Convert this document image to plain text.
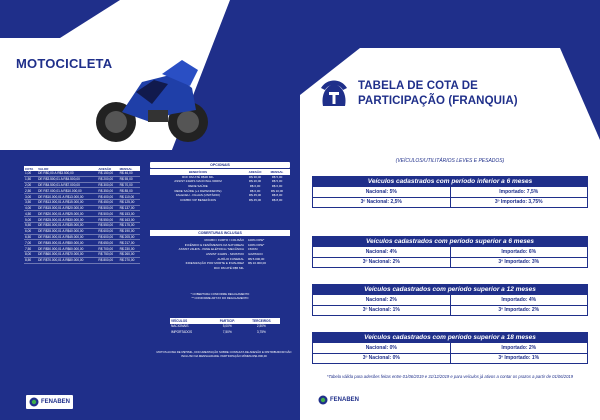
MOTOCICLETA
COTA	VALOR	ADESÃO	MENSAL
1,00	DE R$0,00 A R$3.500,00	R$ 150,00	R$ 46,00
1,50	DE R$3.500,01 A R$4.500,00	R$ 200,00	R$ 55,00
2,00	DE R$4.500,01 A R$7.000,00	R$ 300,00	R$ 70,00
2,50	DE R$7.000,01 A R$10.000,00	R$ 350,00	R$ 85,00
3,00	DE R$10.000,01 A R$13.000,00	R$ 400,00	R$ 110,00
3,50	DE R$13.000,01 A R$15.000,00	R$ 450,00	R$ 125,00
4,00	DE R$15.000,01 A R$20.000,00	R$ 500,00	R$ 137,00
4,50	DE R$20.000,01 A R$25.000,00	R$ 500,00	R$ 153,00
5,00	DE R$25.000,01 A R$30.000,00	R$ 550,00	R$ 163,00
5,50	DE R$30.000,01 A R$35.000,00	R$ 550,00	R$ 175,00
6,00	DE R$35.000,01 A R$40.000,00	R$ 600,00	R$ 190,00
6,50	DE R$40.000,01 A R$45.000,00	R$ 600,00	R$ 205,00
7,00	DE R$45.000,01 A R$50.000,00	R$ 650,00	R$ 217,00
7,50	DE R$50.000,01 A R$60.000,00	R$ 700,00	R$ 230,00
8,00	DE R$60.000,01 A R$70.000,00	R$ 750,00	R$ 260,00
8,50	DE R$70.000,01 A R$80.000,00	R$ 800,00	R$ 270,00
OPCIONAIS
BENEFÍCIOS	ADESÃO	MENSAL
RCF DM ATÉ R$30 MIL	R$ 30,00	R$ 5,00
ASSIST 24HRS NACIONAL 600KM	R$ 20,00	R$ 5,00
REDE SAÚDE	R$ 0,00	R$ 6,00
REDE SAÚDE (+1 DEPENDENTE)	R$ 0,00	R$ 10,00
FALECEU - FILHAS (UNITÁRIO)	R$ 45,00	R$ 8,00
COMBO VIP BENEFÍCIOS	R$ 45,00	R$ 8,00
COBERTURAS INCLUSAS
ROUBO / FURTO / COLISÃO	100% FIPE*
INCÊNDIO E FENÔMENOS DA NATUREZA	100% FIPE*
ASSIST 24HRS - PANE ELÉTRICA / MECÂNICA	150KM
ASSIST 24HRS - SINISTRO	ILIMITADO
AUXÍLIO FUNERAL	R$ 5.000,00
INDENIZAÇÃO POR MORTE E INVALIDEZ	R$ 10.000,00
RCF DM ATÉ R$5 MIL
* COBERTURA CONFORME REGULAMENTO
** CONFORME ART.XX DO REGULAMENTO
VEÍCULOS	PARTICIP.	TERCEIROS
NACIONAIS	5,00%	2,50%
IMPORTADOS	7,50%	3,75%
MOTOS ACIMA DE R$70MIL, DOCUMENTAÇÃO SOBRE CONSULTA DE ADESÃO E DISTRIBUIDOR NÃO INCLUSO NA MENSALIDADE. PARTICIPAÇÃO MÍNIMA R$1.800,00
FENABEN
TABELA DE COTA DE
PARTICIPAÇÃO (FRANQUIA)
(VEÍCULOS/UTILITÁRIOS LEVES E PESADOS)
Veículos cadastrados com período inferior a 6 meses
Nacional: 5%	Importado: 7,5%
3º Nacional: 2,5%	3º Importado: 3,75%
Veículos cadastrados com período superior a 6 meses
Nacional: 4%	Importado: 6%
3º Nacional: 2%	3º Importado: 3%
Veículos cadastrados com período superior a 12 meses
Nacional: 2%	Importado: 4%
3º Nacional: 1%	3º Importado: 2%
Veículos cadastrados com período superior a 18 meses
Nacional: 0%	Importado: 2%
3º Nacional: 0%	3º Importado: 1%
*Tabela válida para adesões feitas entre 01/06/2019 e 31/12/2019 e para veículos já ativos a contar os prazos a partir de 01/06/2019
FENABEN
